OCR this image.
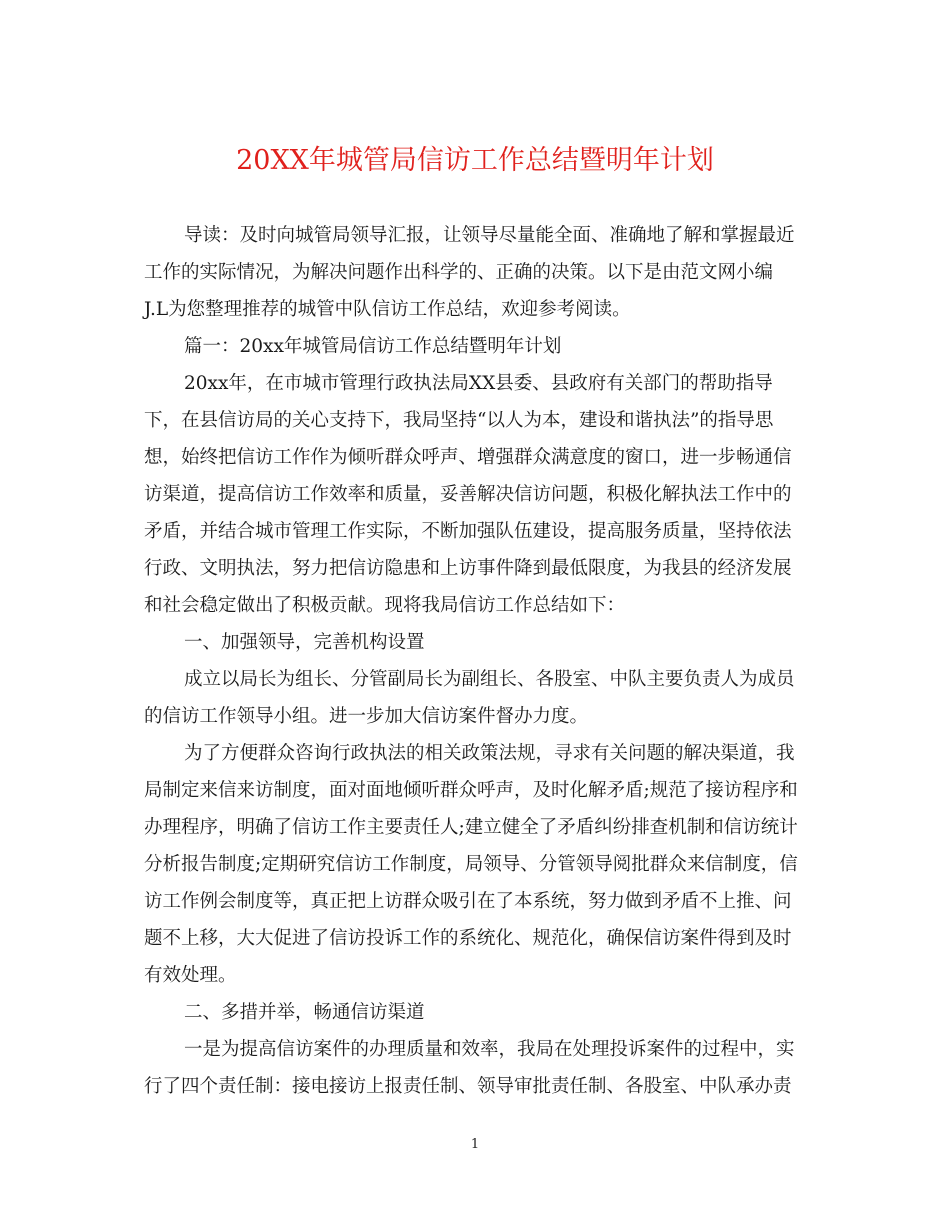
20XX年城管局信访工作总结暨明年计划
导读：及时向城管局领导汇报，让领导尽量能全面、准确地了解和掌握最近
工作的实际情况，为解决问题作出科学的、正确的决策。以下是由范文网小编
J.L为您整理推荐的城管中队信访工作总结，欢迎参考阅读。
篇一：20xx年城管局信访工作总结暨明年计划
20xx年，在市城市管理行政执法局XX县委、县政府有关部门的帮助指导
下，在县信访局的关心支持下，我局坚持“以人为本，建设和谐执法”的指导思
想，始终把信访工作作为倾听群众呼声、增强群众满意度的窗口，进一步畅通信
访渠道，提高信访工作效率和质量，妥善解决信访问题，积极化解执法工作中的
矛盾，并结合城市管理工作实际，不断加强队伍建设，提高服务质量，坚持依法
行政、文明执法，努力把信访隐患和上访事件降到最低限度，为我县的经济发展
和社会稳定做出了积极贡献。现将我局信访工作总结如下：
一、加强领导，完善机构设置
成立以局长为组长、分管副局长为副组长、各股室、中队主要负责人为成员
的信访工作领导小组。进一步加大信访案件督办力度。
为了方便群众咨询行政执法的相关政策法规，寻求有关问题的解决渠道，我
局制定来信来访制度，面对面地倾听群众呼声，及时化解矛盾;规范了接访程序和
办理程序，明确了信访工作主要责任人;建立健全了矛盾纠纷排查机制和信访统计
分析报告制度;定期研究信访工作制度，局领导、分管领导阅批群众来信制度，信
访工作例会制度等，真正把上访群众吸引在了本系统，努力做到矛盾不上推、问
题不上移，大大促进了信访投诉工作的系统化、规范化，确保信访案件得到及时
有效处理。
二、多措并举，畅通信访渠道
一是为提高信访案件的办理质量和效率，我局在处理投诉案件的过程中，实
行了四个责任制：接电接访上报责任制、领导审批责任制、各股室、中队承办责
1
